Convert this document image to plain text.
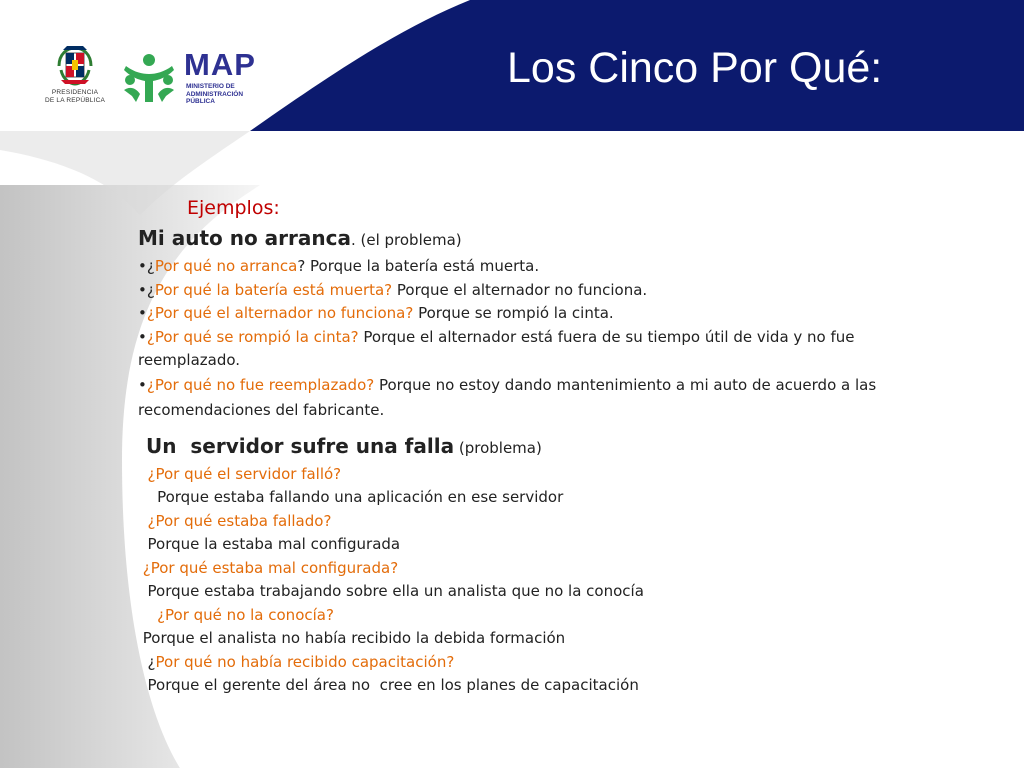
PRESIDENCIA
DE LA REPÚBLICA
MAP
MINISTERIO DE
ADMINISTRACIÓN
PÚBLICA
Los Cinco Por Qué:
Ejemplos:
Mi auto no arranca. (el problema)
•¿Por qué no arranca? Porque la batería está muerta.
•¿Por qué la batería está muerta? Porque el alternador no funciona.
•¿Por qué el alternador no funciona? Porque se rompió la cinta.
•¿Por qué se rompió la cinta? Porque el alternador está fuera de su tiempo útil de vida y no fue reemplazado.
•¿Por qué no fue reemplazado? Porque no estoy dando mantenimiento a mi auto de acuerdo a las recomendaciones del fabricante.
Un  servidor sufre una falla (problema)
¿Por qué el servidor falló?
Porque estaba fallando una aplicación en ese servidor
¿Por qué estaba fallado?
Porque la estaba mal configurada
¿Por qué estaba mal configurada?
Porque estaba trabajando sobre ella un analista que no la conocía
¿Por qué no la conocía?
Porque el analista no había recibido la debida formación
¿Por qué no había recibido capacitación?
Porque el gerente del área no  cree en los planes de capacitación
